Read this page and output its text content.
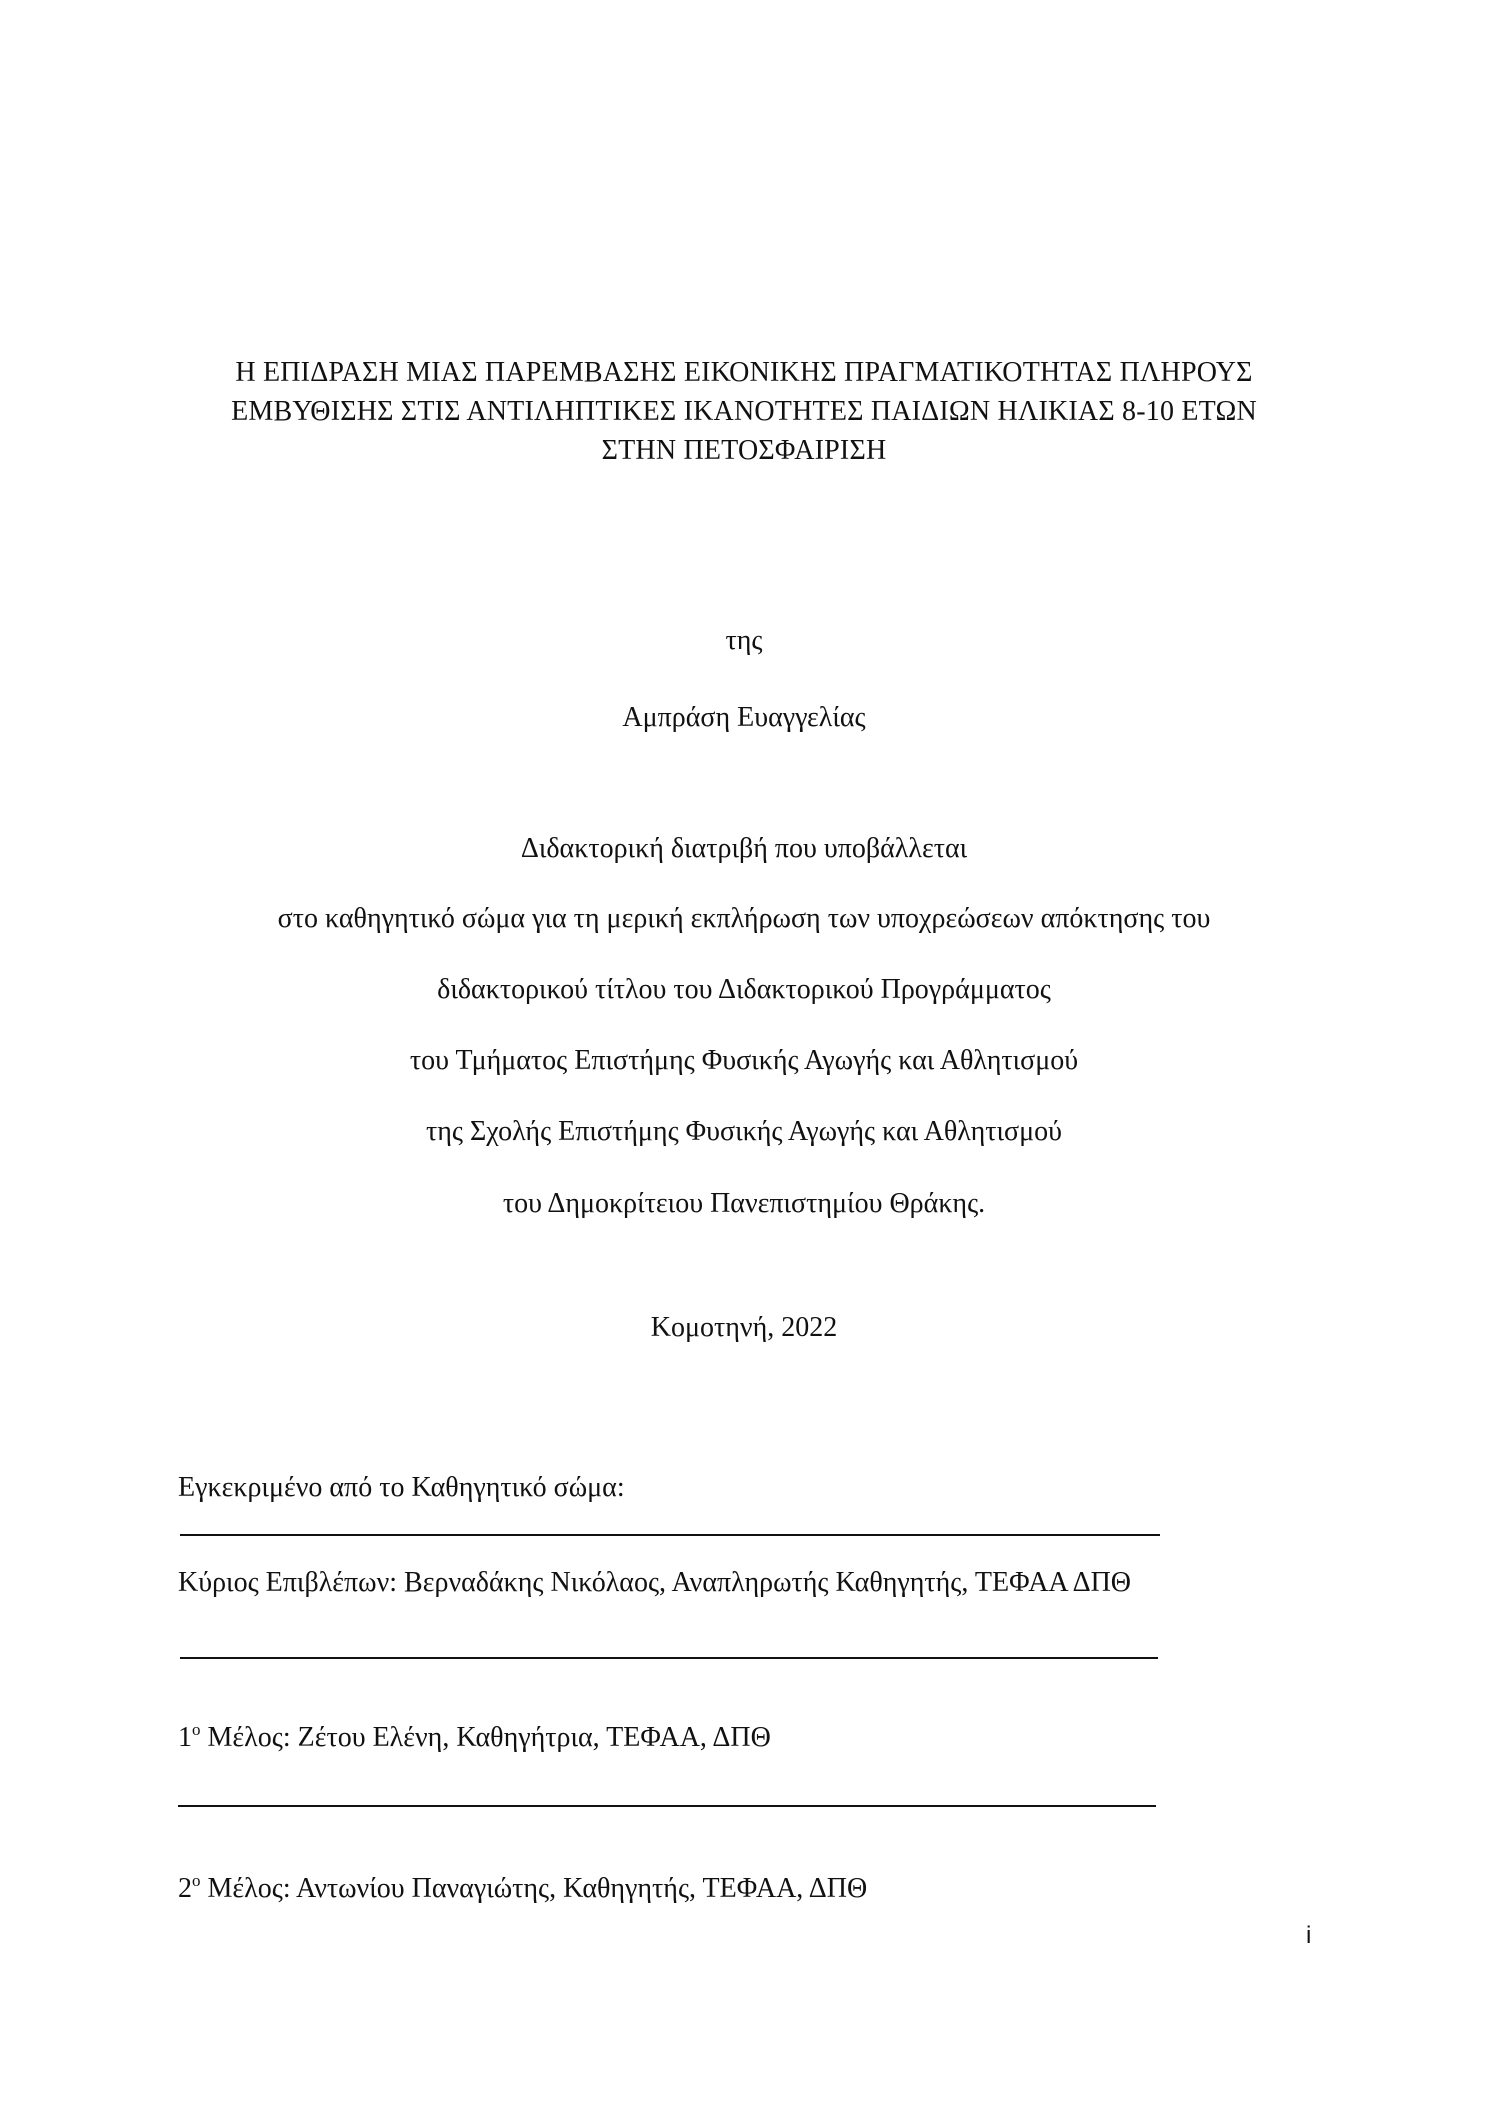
Η ΕΠΙΔΡΑΣΗ ΜΙΑΣ ΠΑΡΕΜΒΑΣΗΣ ΕΙΚΟΝΙΚΗΣ ΠΡΑΓΜΑΤΙΚΟΤΗΤΑΣ ΠΛΗΡΟΥΣ
ΕΜΒΥΘΙΣΗΣ ΣΤΙΣ ΑΝΤΙΛΗΠΤΙΚΕΣ ΙΚΑΝΟΤΗΤΕΣ ΠΑΙΔΙΩΝ ΗΛΙΚΙΑΣ 8-10 ΕΤΩΝ
ΣΤΗΝ ΠΕΤΟΣΦΑΙΡΙΣΗ
της
Αμπράση Ευαγγελίας
Διδακτορική διατριβή που υποβάλλεται
στο καθηγητικό σώμα για τη μερική εκπλήρωση των υποχρεώσεων απόκτησης του
διδακτορικού τίτλου του Διδακτορικού Προγράμματος
του Τμήματος Επιστήμης Φυσικής Αγωγής και Αθλητισμού
της Σχολής Επιστήμης Φυσικής Αγωγής και Αθλητισμού
του Δημοκρίτειου Πανεπιστημίου Θράκης.
Κομοτηνή, 2022
Εγκεκριμένο από το Καθηγητικό σώμα:
Κύριος Επιβλέπων: Βερναδάκης Νικόλαος, Αναπληρωτής Καθηγητής, ΤΕΦΑΑ ΔΠΘ
$1^o$ Μέλος: Ζέτου Ελένη, Καθηγήτρια, ΤΕΦΑΑ, ΔΠΘ
$2^o$ Μέλος: Αντωνίου Παναγιώτης, Καθηγητής, ΤΕΦΑΑ, ΔΠΘ
i
